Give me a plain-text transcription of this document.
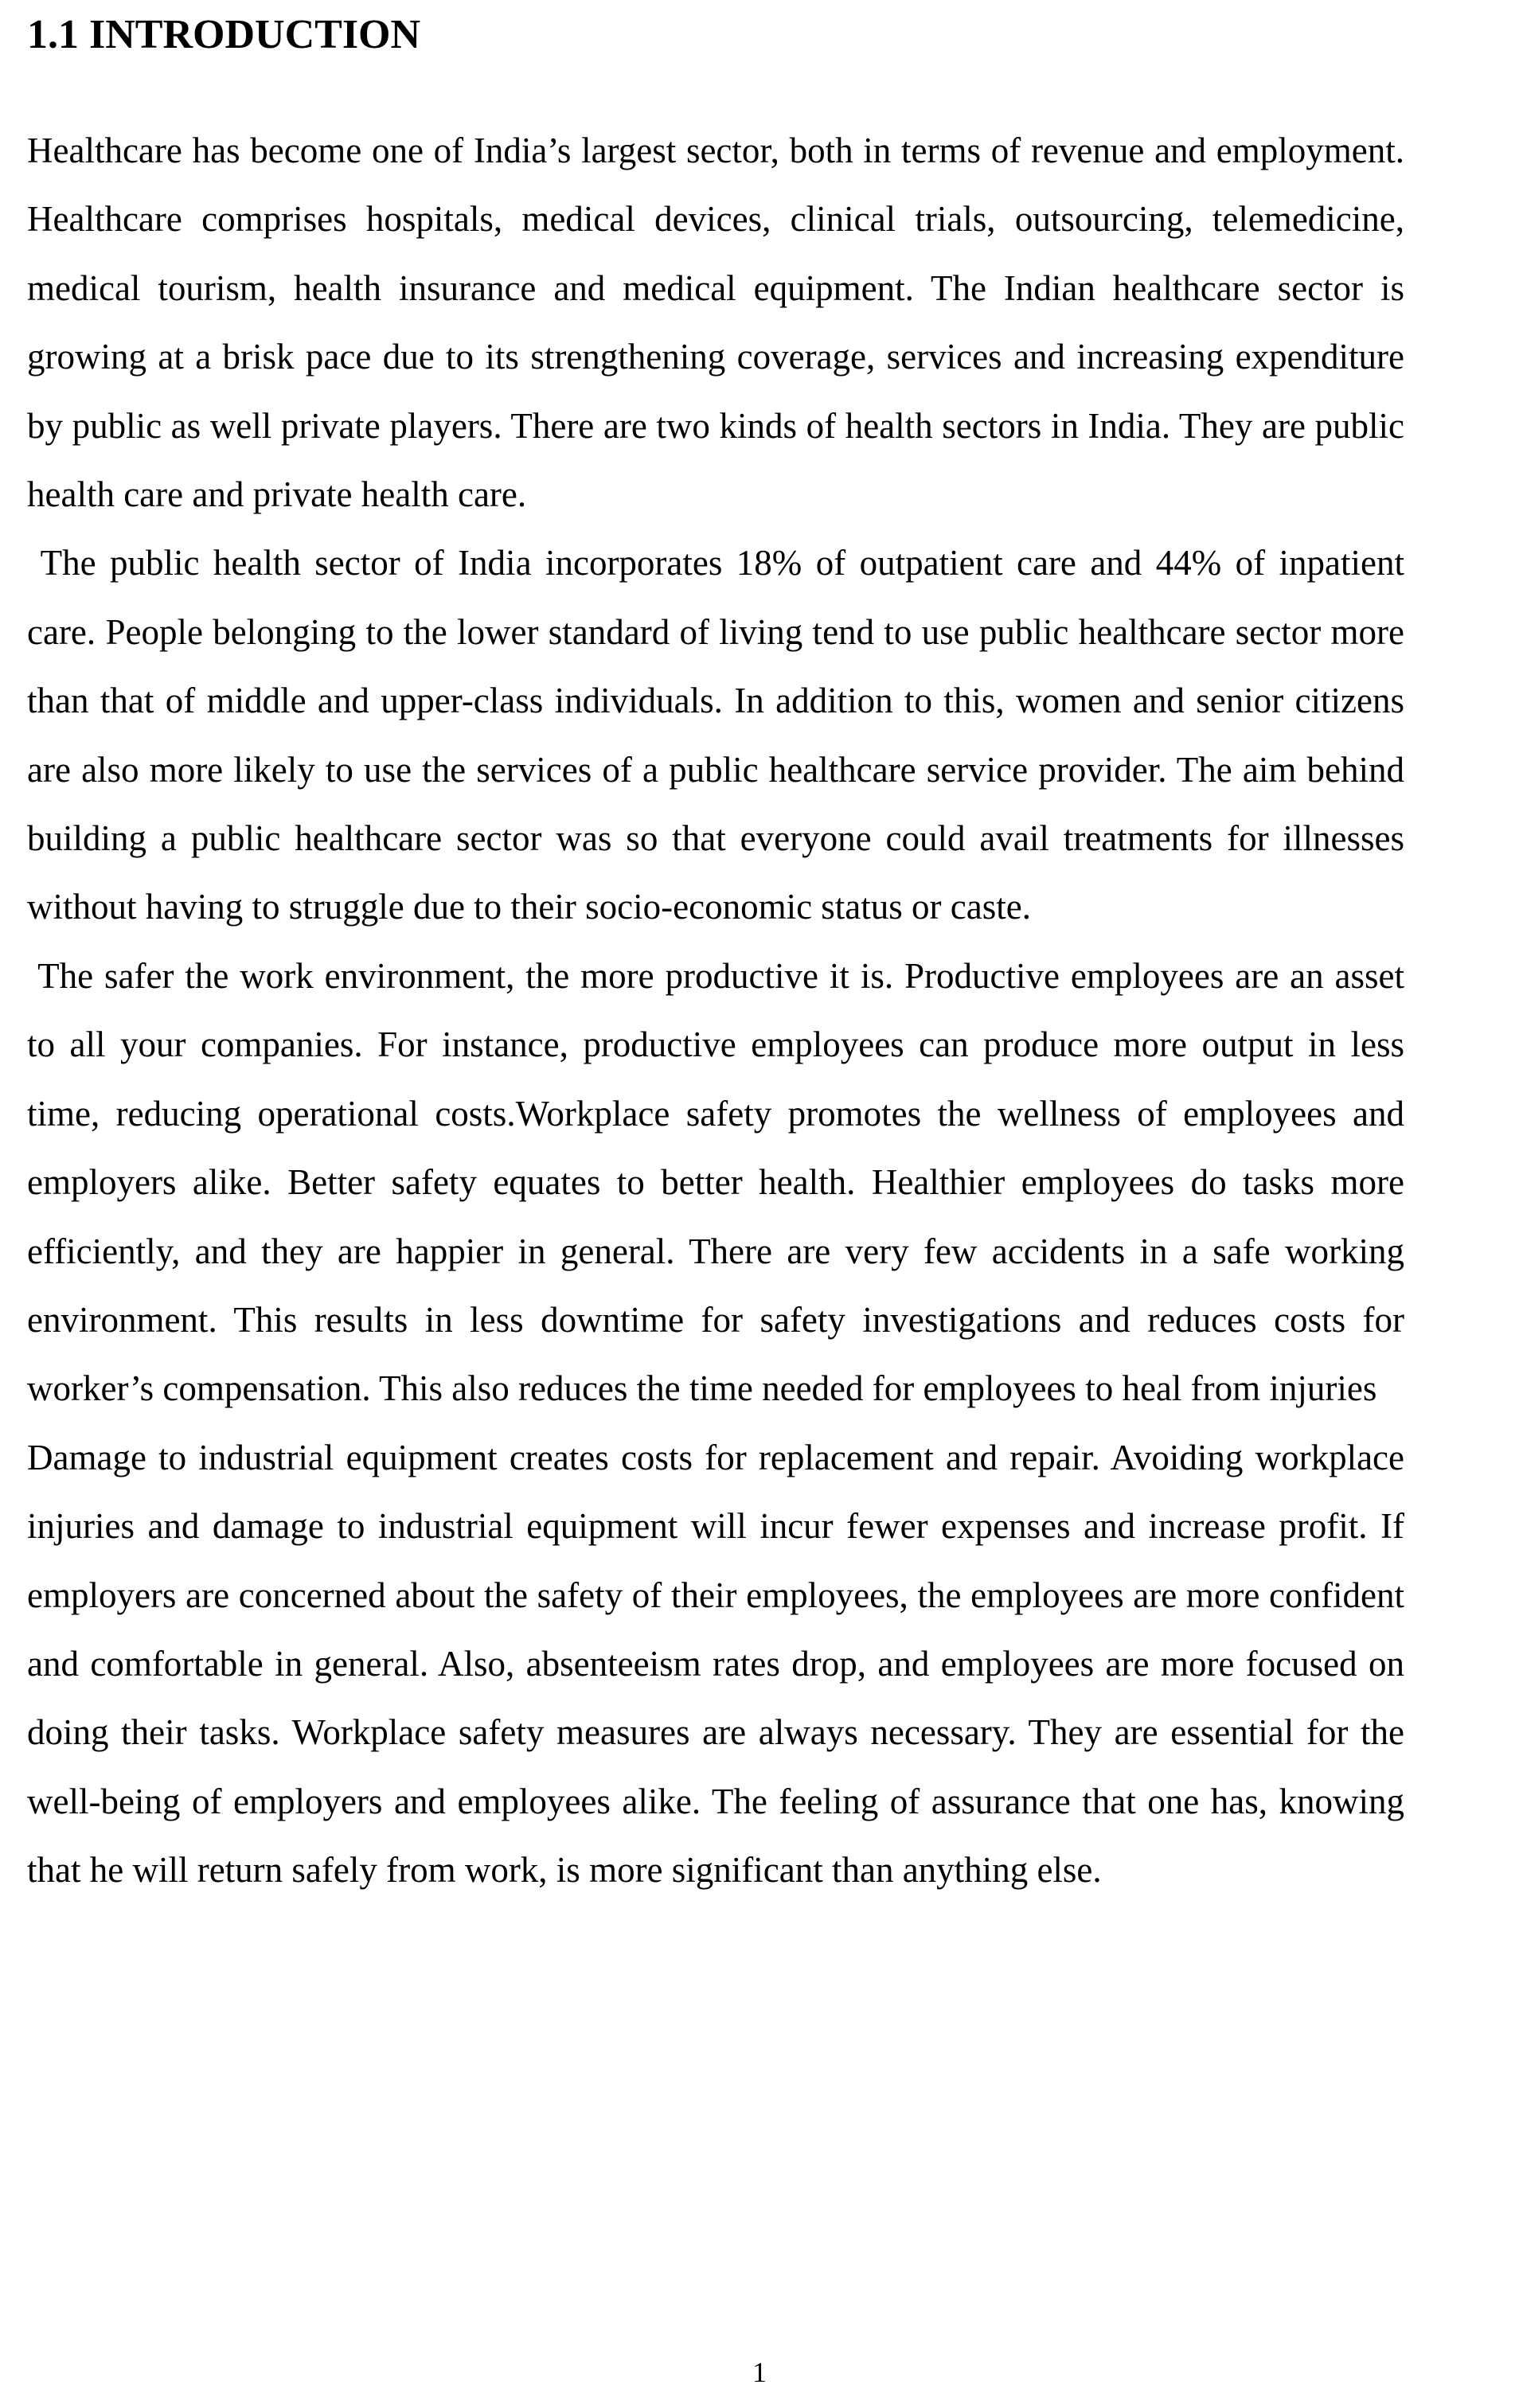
1.1 INTRODUCTION

Healthcare has become one of India’s largest sector, both in terms of revenue and employment. Healthcare comprises hospitals, medical devices, clinical trials, outsourcing, telemedicine, medical tourism, health insurance and medical equipment. The Indian healthcare sector is growing at a brisk pace due to its strengthening coverage, services and increasing expenditure by public as well private players. There are two kinds of health sectors in India. They are public health care and private health care.

The public health sector of India incorporates 18% of outpatient care and 44% of inpatient care. People belonging to the lower standard of living tend to use public healthcare sector more than that of middle and upper-class individuals. In addition to this, women and senior citizens are also more likely to use the services of a public healthcare service provider. The aim behind building a public healthcare sector was so that everyone could avail treatments for illnesses without having to struggle due to their socio-economic status or caste.

The safer the work environment, the more productive it is. Productive employees are an asset to all your companies. For instance, productive employees can produce more output in less time, reducing operational costs.Workplace safety promotes the wellness of employees and employers alike. Better safety equates to better health. Healthier employees do tasks more efficiently, and they are happier in general. There are very few accidents in a safe working environment. This results in less downtime for safety investigations and reduces costs for worker’s compensation. This also reduces the time needed for employees to heal from injuries

Damage to industrial equipment creates costs for replacement and repair. Avoiding workplace injuries and damage to industrial equipment will incur fewer expenses and increase profit. If employers are concerned about the safety of their employees, the employees are more confident and comfortable in general. Also, absenteeism rates drop, and employees are more focused on doing their tasks. Workplace safety measures are always necessary. They are essential for the well-being of employers and employees alike. The feeling of assurance that one has, knowing that he will return safely from work, is more significant than anything else.

1
